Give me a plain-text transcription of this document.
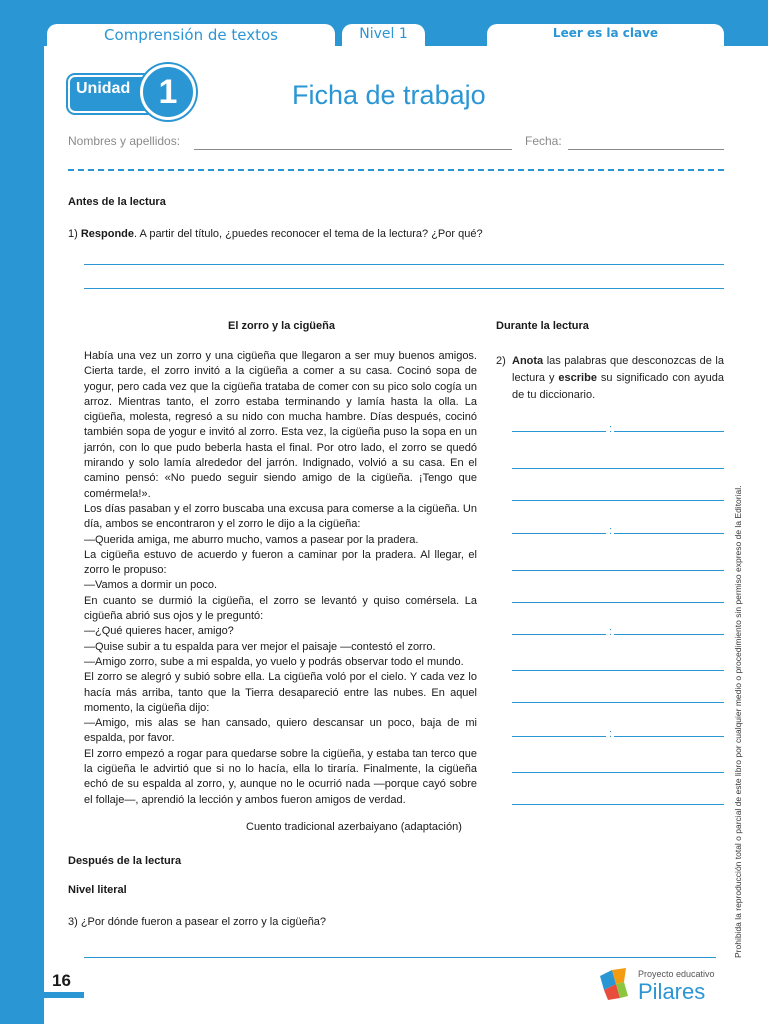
Comprensión de textos	Nivel 1	Leer es la clave
Unidad 1	Ficha de trabajo
Nombres y apellidos:	Fecha:
Antes de la lectura
1) Responde. A partir del título, ¿puedes reconocer el tema de la lectura? ¿Por qué?
El zorro y la cigüeña

Había una vez un zorro y una cigüeña que llegaron a ser muy buenos amigos. Cierta tarde, el zorro invitó a la cigüeña a comer a su casa. Cocinó sopa de yogur, pero cada vez que la cigüeña trataba de comer con su pico solo cogía un arroz. Mientras tanto, el zorro estaba terminando y lamía hasta la olla. La cigüeña, molesta, regresó a su nido con mucha hambre. Días después, cocinó también sopa de yogur e invitó al zorro. Esta vez, la cigüeña puso la sopa en un jarrón, con lo que pudo beberla hasta el final. Por otro lado, el zorro se quedó mirando y solo lamía alrededor del jarrón. Indignado, volvió a su casa. En el camino pensó: «No puedo seguir siendo amigo de la cigüeña. ¡Tengo que comérmela!».

Los días pasaban y el zorro buscaba una excusa para comerse a la cigüeña. Un día, ambos se encontraron y el zorro le dijo a la cigüeña:

—Querida amiga, me aburro mucho, vamos a pasear por la pradera.

La cigüeña estuvo de acuerdo y fueron a caminar por la pradera. Al llegar, el zorro le propuso:

—Vamos a dormir un poco.

En cuanto se durmió la cigüeña, el zorro se levantó y quiso comérsela. La cigüeña abrió sus ojos y le preguntó:

—¿Qué quieres hacer, amigo?

—Quise subir a tu espalda para ver mejor el paisaje —contestó el zorro.

—Amigo zorro, sube a mi espalda, yo vuelo y podrás observar todo el mundo.

El zorro se alegró y subió sobre ella. La cigüeña voló por el cielo. Y cada vez lo hacía más arriba, tanto que la Tierra desapareció entre las nubes. En aquel momento, la cigüeña dijo:

—Amigo, mis alas se han cansado, quiero descansar un poco, baja de mi espalda, por favor.

El zorro empezó a rogar para quedarse sobre la cigüeña, y estaba tan terco que la cigüeña le advirtió que si no lo hacía, ella lo tiraría. Finalmente, la cigüeña echó de su espalda al zorro, y, aunque no le ocurrió nada —porque cayó sobre el follaje—, aprendió la lección y ambos fueron amigos de verdad.

Cuento tradicional azerbaiyano (adaptación)
Durante la lectura
2) Anota las palabras que desconozcas de la lectura y escribe su significado con ayuda de tu diccionario.
:
:
:
:
Después de la lectura
Nivel literal
3) ¿Por dónde fueron a pasear el zorro y la cigüeña?	Prohibida la reproducción total o parcial de este libro por cualquier medio o procedimiento sin permiso expreso de la Editorial.
16	Proyecto educativo
Pilares
